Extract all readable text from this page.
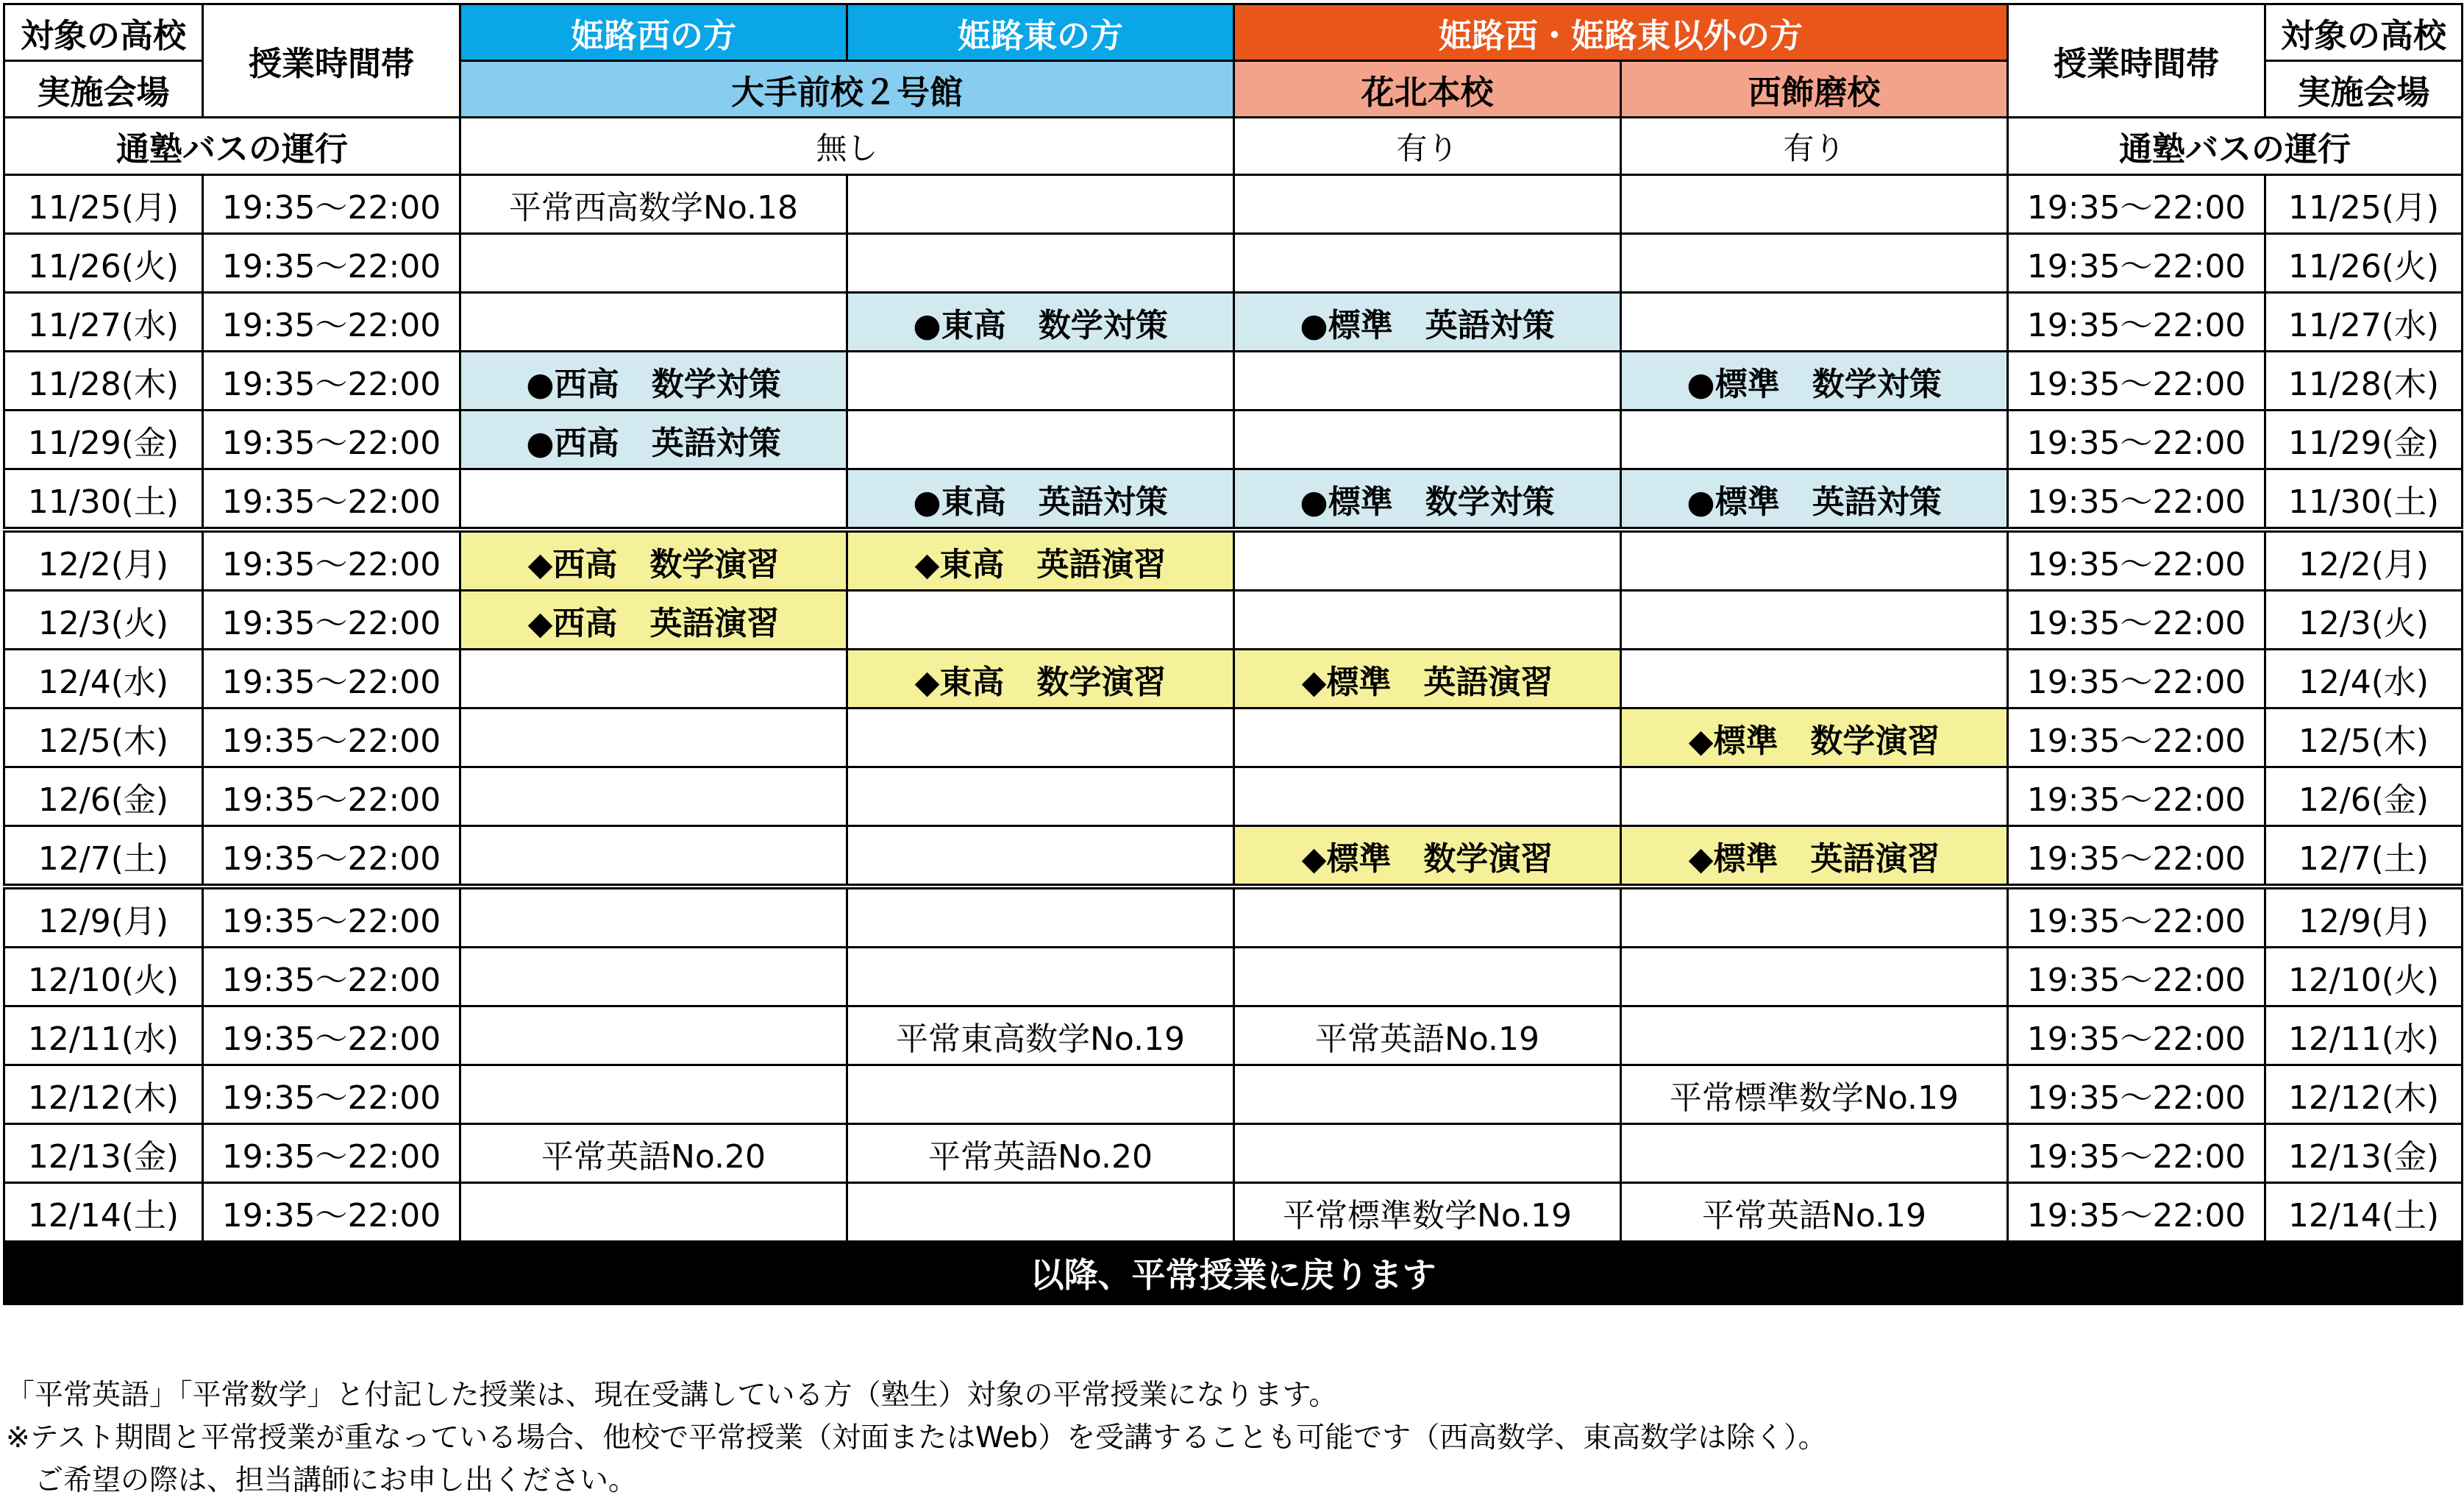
対象の高校	授業時間帯	姫路西の方	姫路東の方	姫路西・姫路東以外の方		授業時間帯	対象の高校
実施会場		大手前校２号館		花北本校	西飾磨校		実施会場
通塾バスの運行		無し		有り	有り	通塾バスの運行	
11/25(月)	19:35～22:00	平常西高数学No.18				19:35～22:00	11/25(月)
11/26(火)	19:35～22:00					19:35～22:00	11/26(火)
11/27(水)	19:35～22:00		●東高　数学対策	●標準　英語対策		19:35～22:00	11/27(水)
11/28(木)	19:35～22:00	●西高　数学対策			●標準　数学対策	19:35～22:00	11/28(木)
11/29(金)	19:35～22:00	●西高　英語対策				19:35～22:00	11/29(金)
11/30(土)	19:35～22:00		●東高　英語対策	●標準　数学対策	●標準　英語対策	19:35～22:00	11/30(土)
12/2(月)	19:35～22:00	◆西高　数学演習	◆東高　英語演習			19:35～22:00	12/2(月)
12/3(火)	19:35～22:00	◆西高　英語演習				19:35～22:00	12/3(火)
12/4(水)	19:35～22:00		◆東高　数学演習	◆標準　英語演習		19:35～22:00	12/4(水)
12/5(木)	19:35～22:00				◆標準　数学演習	19:35～22:00	12/5(木)
12/6(金)	19:35～22:00					19:35～22:00	12/6(金)
12/7(土)	19:35～22:00			◆標準　数学演習	◆標準　英語演習	19:35～22:00	12/7(土)
12/9(月)	19:35～22:00					19:35～22:00	12/9(月)
12/10(火)	19:35～22:00					19:35～22:00	12/10(火)
12/11(水)	19:35～22:00		平常東高数学No.19	平常英語No.19		19:35～22:00	12/11(水)
12/12(木)	19:35～22:00				平常標準数学No.19	19:35～22:00	12/12(木)
12/13(金)	19:35～22:00	平常英語No.20	平常英語No.20			19:35～22:00	12/13(金)
12/14(土)	19:35～22:00			平常標準数学No.19	平常英語No.19	19:35～22:00	12/14(土)
以降、平常授業に戻ります							
「平常英語」「平常数学」と付記した授業は、現在受講している方（塾生）対象の平常授業になります。
※テスト期間と平常授業が重なっている場合、他校で平常授業（対面またはWeb）を受講することも可能です（西高数学、東高数学は除く）。
　ご希望の際は、担当講師にお申し出ください。
